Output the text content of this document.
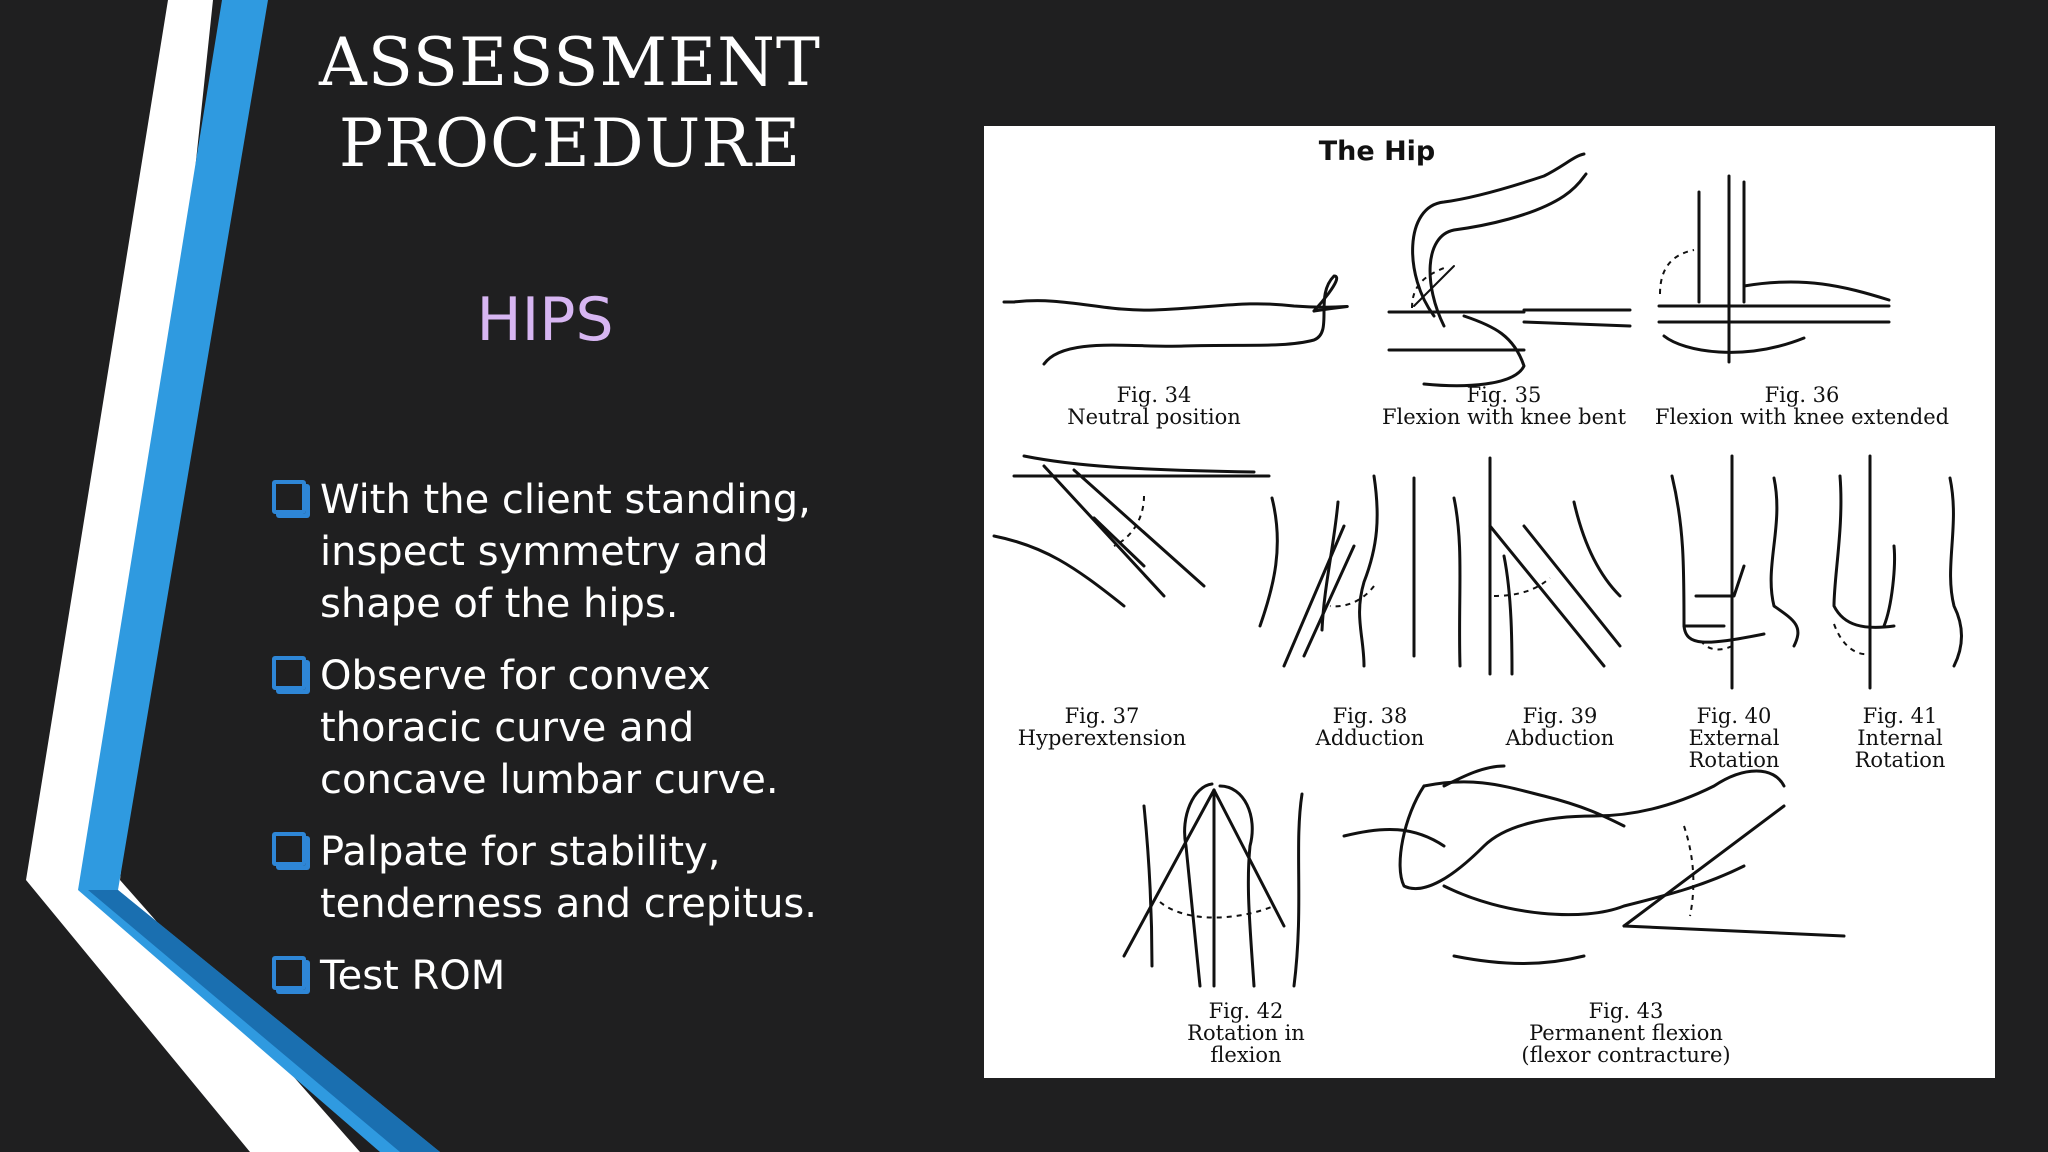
ASSESSMENT
PROCEDURE
HIPS
With the client standing, inspect symmetry and shape of the hips.
Observe for convex thoracic curve and concave lumbar curve.
Palpate for stability, tenderness and crepitus.
Test ROM
The Hip
Fig. 34
Neutral position
Fig. 35
Flexion with knee bent
Fig. 36
Flexion with knee extended
Fig. 37
Hyperextension
Fig. 38
Adduction
Fig. 39
Abduction
Fig. 40
External
Rotation
Fig. 41
Internal
Rotation
Fig. 42
Rotation in
flexion
Fig. 43
Permanent flexion
(flexor contracture)
